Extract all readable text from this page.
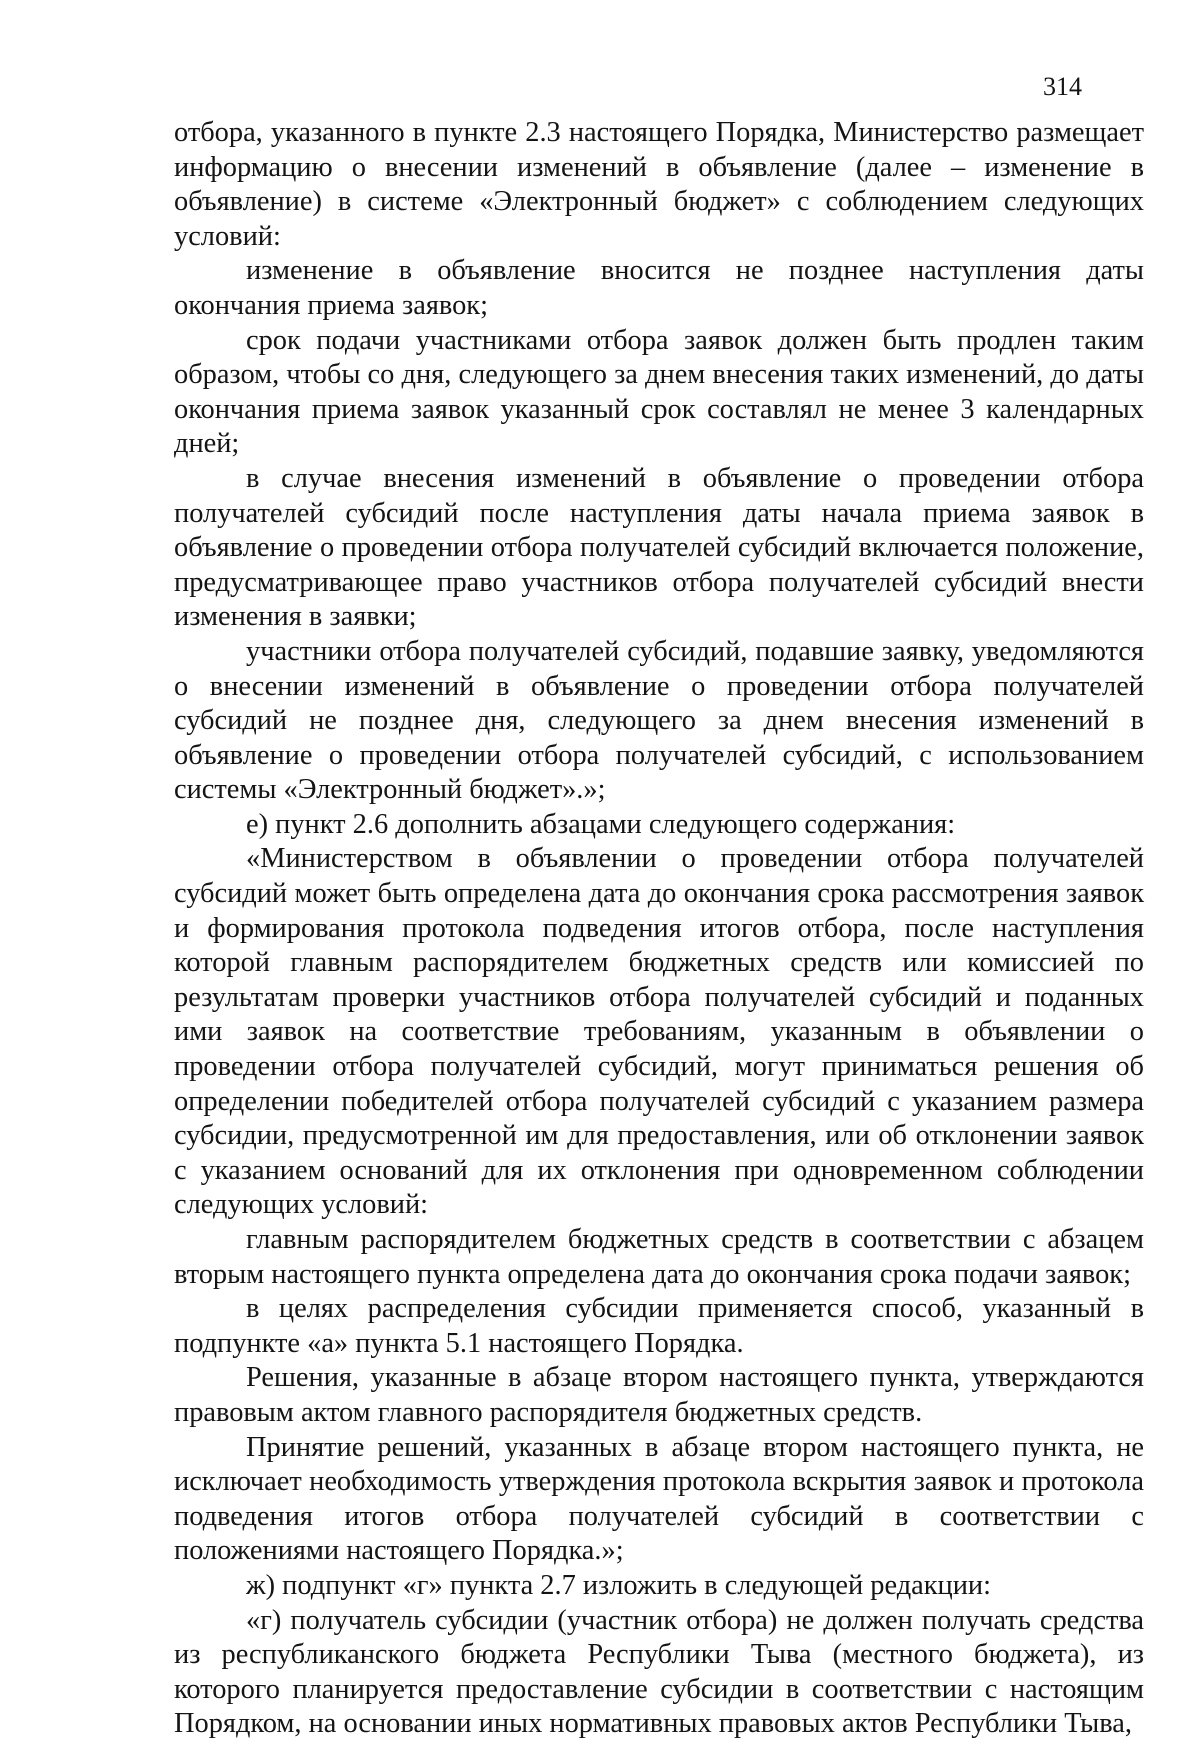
314

отбора, указанного в пункте 2.3 настоящего Порядка, Министерство размещает информацию о внесении изменений в объявление (далее – изменение в объявление) в системе «Электронный бюджет» с соблюдением следующих условий:

изменение в объявление вносится не позднее наступления даты окончания приема заявок;

срок подачи участниками отбора заявок должен быть продлен таким образом, чтобы со дня, следующего за днем внесения таких изменений, до даты окончания приема заявок указанный срок составлял не менее 3 календарных дней;

в случае внесения изменений в объявление о проведении отбора получателей субсидий после наступления даты начала приема заявок в объявление о проведении отбора получателей субсидий включается положение, предусматривающее право участников отбора получателей субсидий внести изменения в заявки;

участники отбора получателей субсидий, подавшие заявку, уведомляются о внесении изменений в объявление о проведении отбора получателей субсидий не позднее дня, следующего за днем внесения изменений в объявление о проведении отбора получателей субсидий, с использованием системы «Электронный бюджет».»;

е) пункт 2.6 дополнить абзацами следующего содержания:

«Министерством в объявлении о проведении отбора получателей субсидий может быть определена дата до окончания срока рассмотрения заявок и формирования протокола подведения итогов отбора, после наступления которой главным распорядителем бюджетных средств или комиссией по результатам проверки участников отбора получателей субсидий и поданных ими заявок на соответствие требованиям, указанным в объявлении о проведении отбора получателей субсидий, могут приниматься решения об определении победителей отбора получателей субсидий с указанием размера субсидии, предусмотренной им для предоставления, или об отклонении заявок с указанием оснований для их отклонения при одновременном соблюдении следующих условий:

главным распорядителем бюджетных средств в соответствии с абзацем вторым настоящего пункта определена дата до окончания срока подачи заявок;

в целях распределения субсидии применяется способ, указанный в подпункте «а» пункта 5.1 настоящего Порядка.

Решения, указанные в абзаце втором настоящего пункта, утверждаются правовым актом главного распорядителя бюджетных средств.

Принятие решений, указанных в абзаце втором настоящего пункта, не исключает необходимость утверждения протокола вскрытия заявок и протокола подведения итогов отбора получателей субсидий в соответствии с положениями настоящего Порядка.»;

ж) подпункт «г» пункта 2.7 изложить в следующей редакции:

«г) получатель субсидии (участник отбора) не должен получать средства из республиканского бюджета Республики Тыва (местного бюджета), из которого планируется предоставление субсидии в соответствии с настоящим Порядком, на основании иных нормативных правовых актов Республики Тыва,
